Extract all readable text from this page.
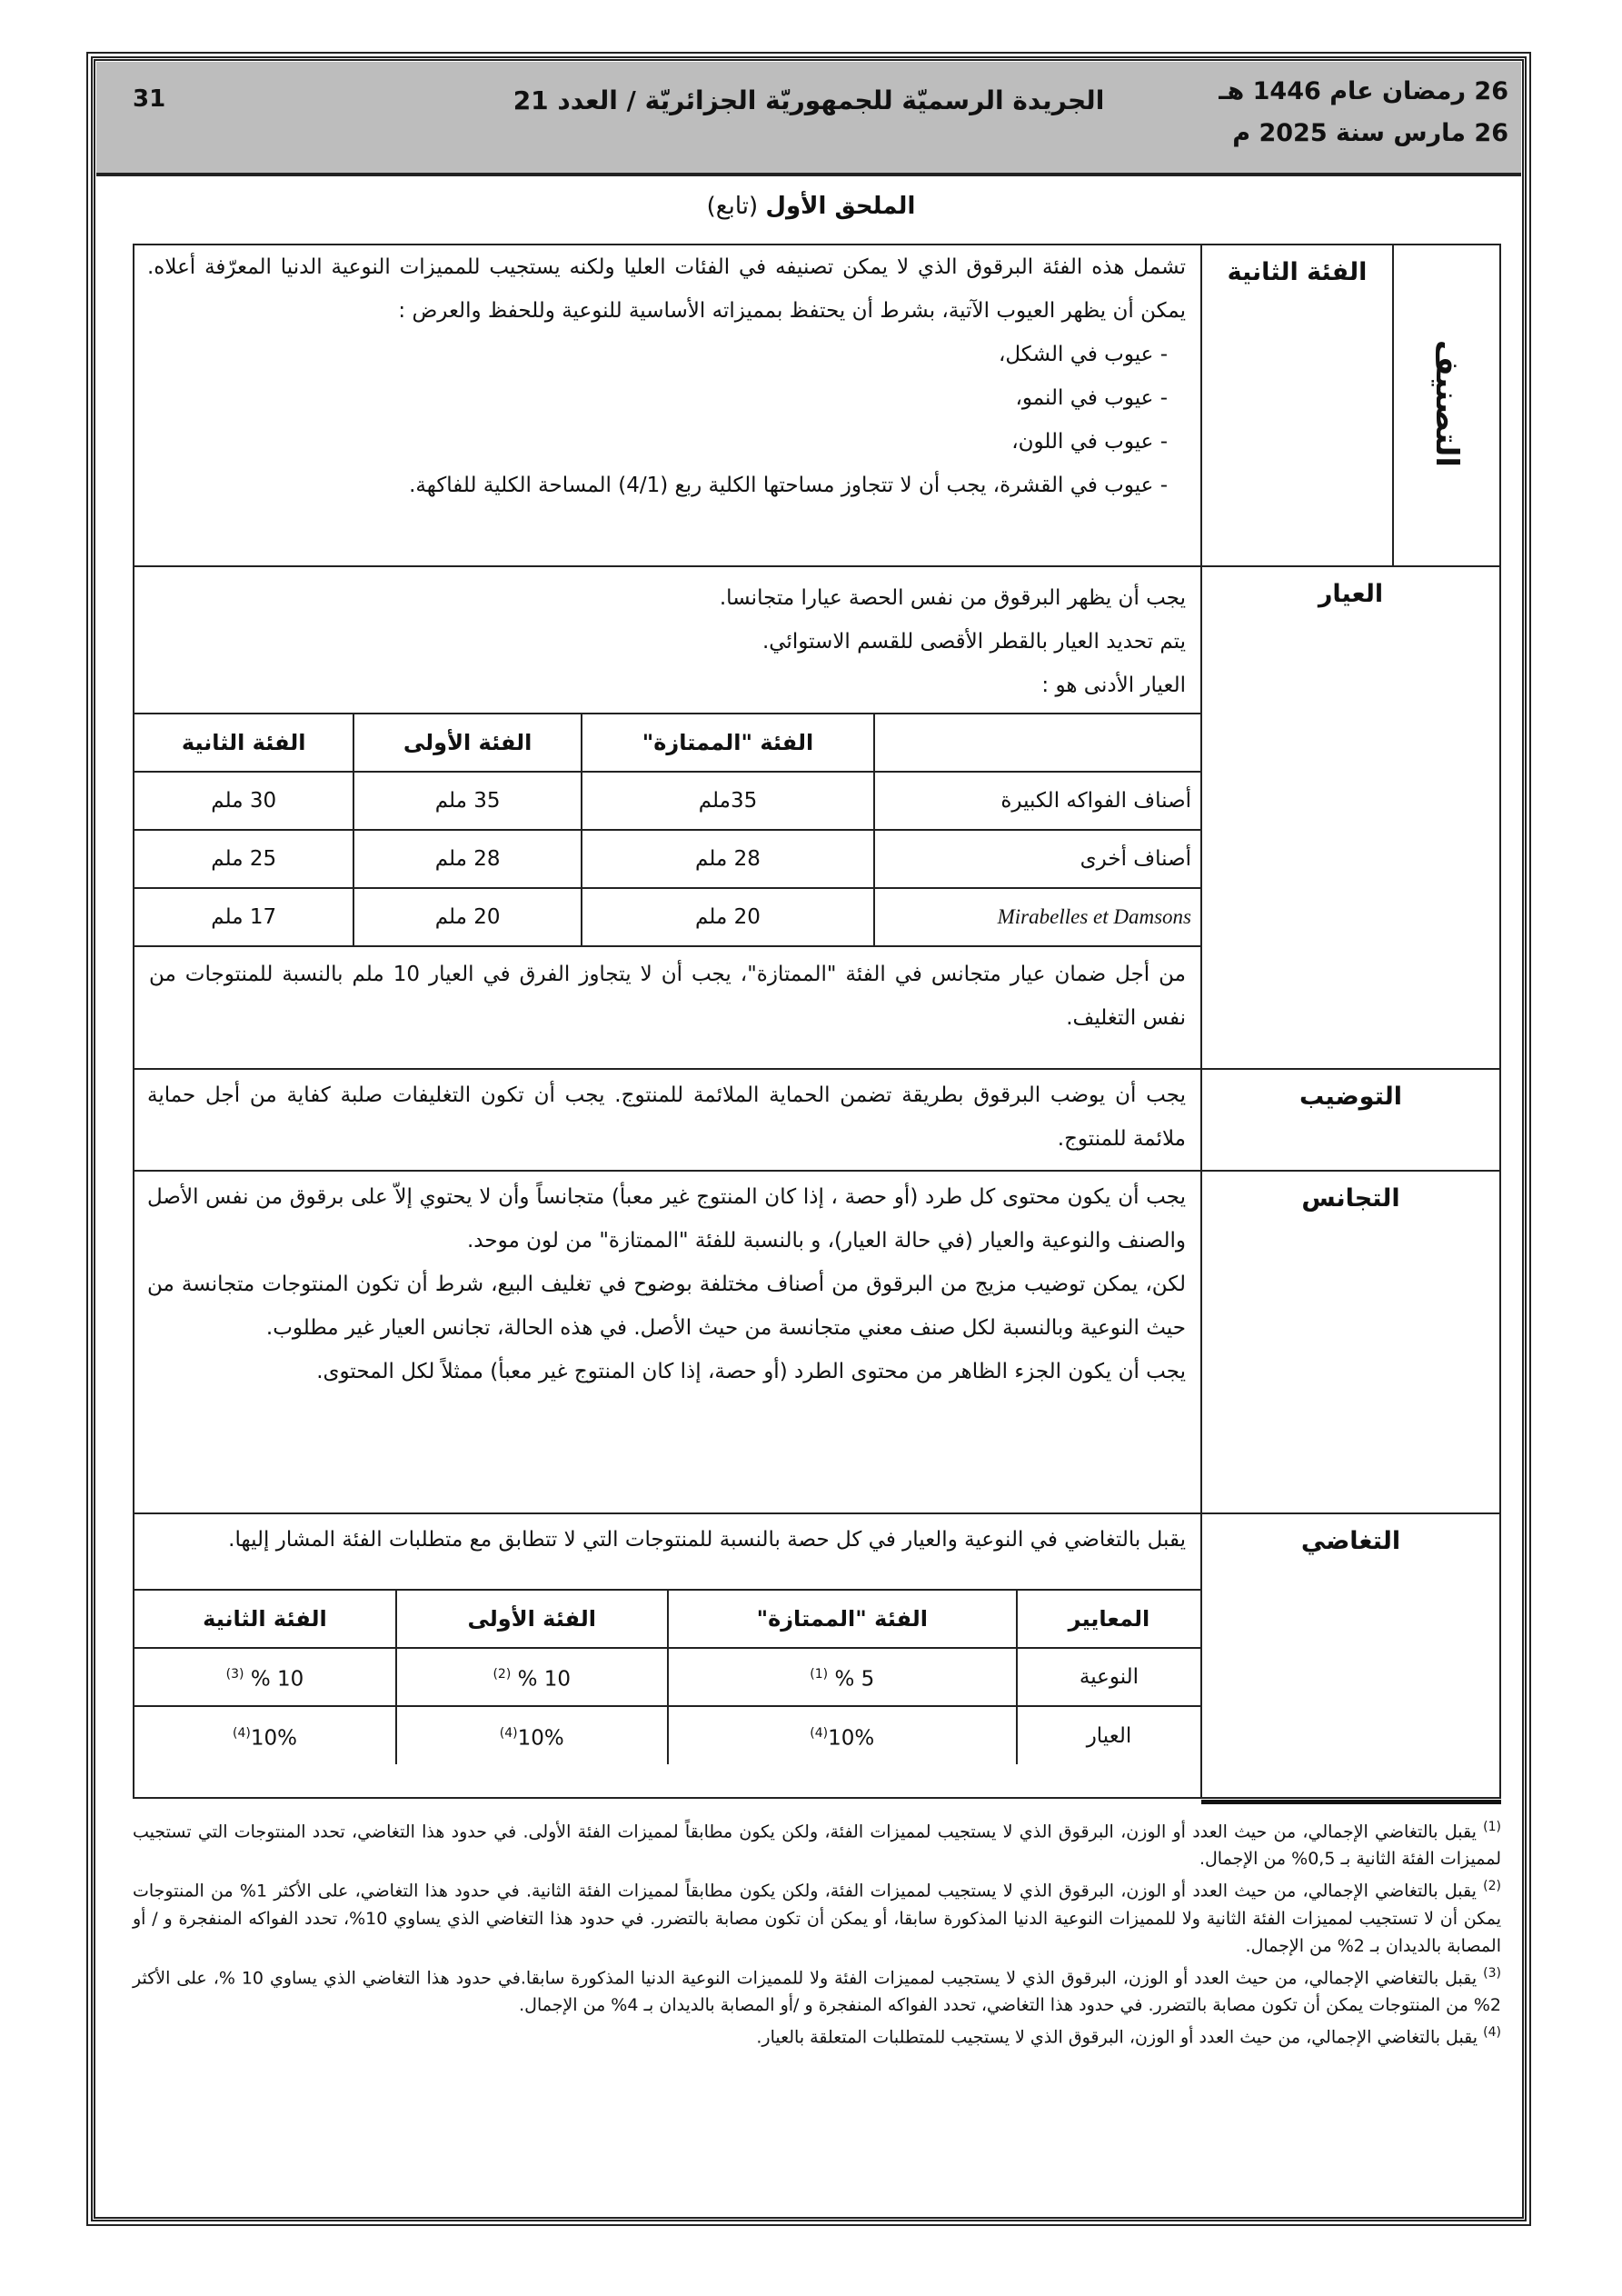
26 رمضان عام 1446 هـ
26 مارس سنة 2025 م
الجريدة الرسميّة للجمهوريّة الجزائريّة / العدد 21
31
الملحق الأول (تابع)
التصنيف	الفئة الثانية	

تشمل هذه الفئة البرقوق الذي لا يمكن تصنيفه في الفئات العليا ولكنه يستجيب للمميزات النوعية الدنيا المعرّفة أعلاه. يمكن أن يظهر العيوب الآتية، بشرط أن يحتفظ بمميزاته الأساسية للنوعية وللحفظ والعرض :

- عيوب في الشكل،

- عيوب في النمو،

- عيوب في اللون،

- عيوب في القشرة، يجب أن لا تتجاوز مساحتها الكلية ربع (4/1) المساحة الكلية للفاكهة.

العيار	

يجب أن يظهر البرقوق من نفس الحصة عيارا متجانسا.

يتم تحديد العيار بالقطر الأقصى للقسم الاستوائي.

العيار الأدنى هو :

	الفئة "الممتازة"	الفئة الأولى	الفئة الثانية
أصناف الفواكه الكبيرة	35ملم	35 ملم	30 ملم
أصناف أخرى	28 ملم	28 ملم	25 ملم
Mirabelles et Damsons	20 ملم	20 ملم	17 ملم

من أجل ضمان عيار متجانس في الفئة "الممتازة"، يجب أن لا يتجاوز الفرق في العيار 10 ملم بالنسبة للمنتوجات من نفس التغليف.

التوضيب	يجب أن يوضب البرقوق بطريقة تضمن الحماية الملائمة للمنتوج. يجب أن تكون التغليفات صلبة كفاية من أجل حماية ملائمة للمنتوج.
التجانس	

يجب أن يكون محتوى كل طرد (أو حصة ، إذا كان المنتوج غير معبأ) متجانساً وأن لا يحتوي إلاّ على برقوق من نفس الأصل والصنف والنوعية والعيار (في حالة العيار)، و بالنسبة للفئة "الممتازة" من لون موحد.

لكن، يمكن توضيب مزيج من البرقوق من أصناف مختلفة بوضوح في تغليف البيع، شرط أن تكون المنتوجات متجانسة من حيث النوعية وبالنسبة لكل صنف معني متجانسة من حيث الأصل. في هذه الحالة، تجانس العيار غير مطلوب.

يجب أن يكون الجزء الظاهر من محتوى الطرد (أو حصة، إذا كان المنتوج غير معبأ) ممثلاً لكل المحتوى.

التغاضي	

يقبل بالتغاضي في النوعية والعيار في كل حصة بالنسبة للمنتوجات التي لا تتطابق مع متطلبات الفئة المشار إليها.

المعايير	الفئة "الممتازة"	الفئة الأولى	الفئة الثانية
النوعية	5 % $^{(1)}$	10 % $^{(2)}$	10 % $^{(3)}$
العيار	10%$^{(4)}$	10%$^{(4)}$	10%$^{(4)}$

$^{(1)}$ يقبل بالتغاضي الإجمالي، من حيث العدد أو الوزن، البرقوق الذي لا يستجيب لمميزات الفئة، ولكن يكون مطابقاً لمميزات الفئة الأولى. في حدود هذا التغاضي، تحدد المنتوجات التي تستجيب لمميزات الفئة الثانية بـ 0,5% من الإجمال.

$^{(2)}$ يقبل بالتغاضي الإجمالي، من حيث العدد أو الوزن، البرقوق الذي لا يستجيب لمميزات الفئة، ولكن يكون مطابقاً لمميزات الفئة الثانية. في حدود هذا التغاضي، على الأكثر 1% من المنتوجات يمكن أن لا تستجيب لمميزات الفئة الثانية ولا للمميزات النوعية الدنيا المذكورة سابقا، أو يمكن أن تكون مصابة بالتضرر. في حدود هذا التغاضي الذي يساوي 10%، تحدد الفواكه المنفجرة و / أو المصابة بالديدان بـ 2% من الإجمال.

$^{(3)}$ يقبل بالتغاضي الإجمالي، من حيث العدد أو الوزن، البرقوق الذي لا يستجيب لمميزات الفئة ولا للمميزات النوعية الدنيا المذكورة سابقا.في حدود هذا التغاضي الذي يساوي 10 %، على الأكثر 2% من المنتوجات يمكن أن تكون مصابة بالتضرر. في حدود هذا التغاضي، تحدد الفواكه المنفجرة و /أو المصابة بالديدان بـ 4% من الإجمال.

$^{(4)}$ يقبل بالتغاضي الإجمالي، من حيث العدد أو الوزن، البرقوق الذي لا يستجيب للمتطلبات المتعلقة بالعيار.
